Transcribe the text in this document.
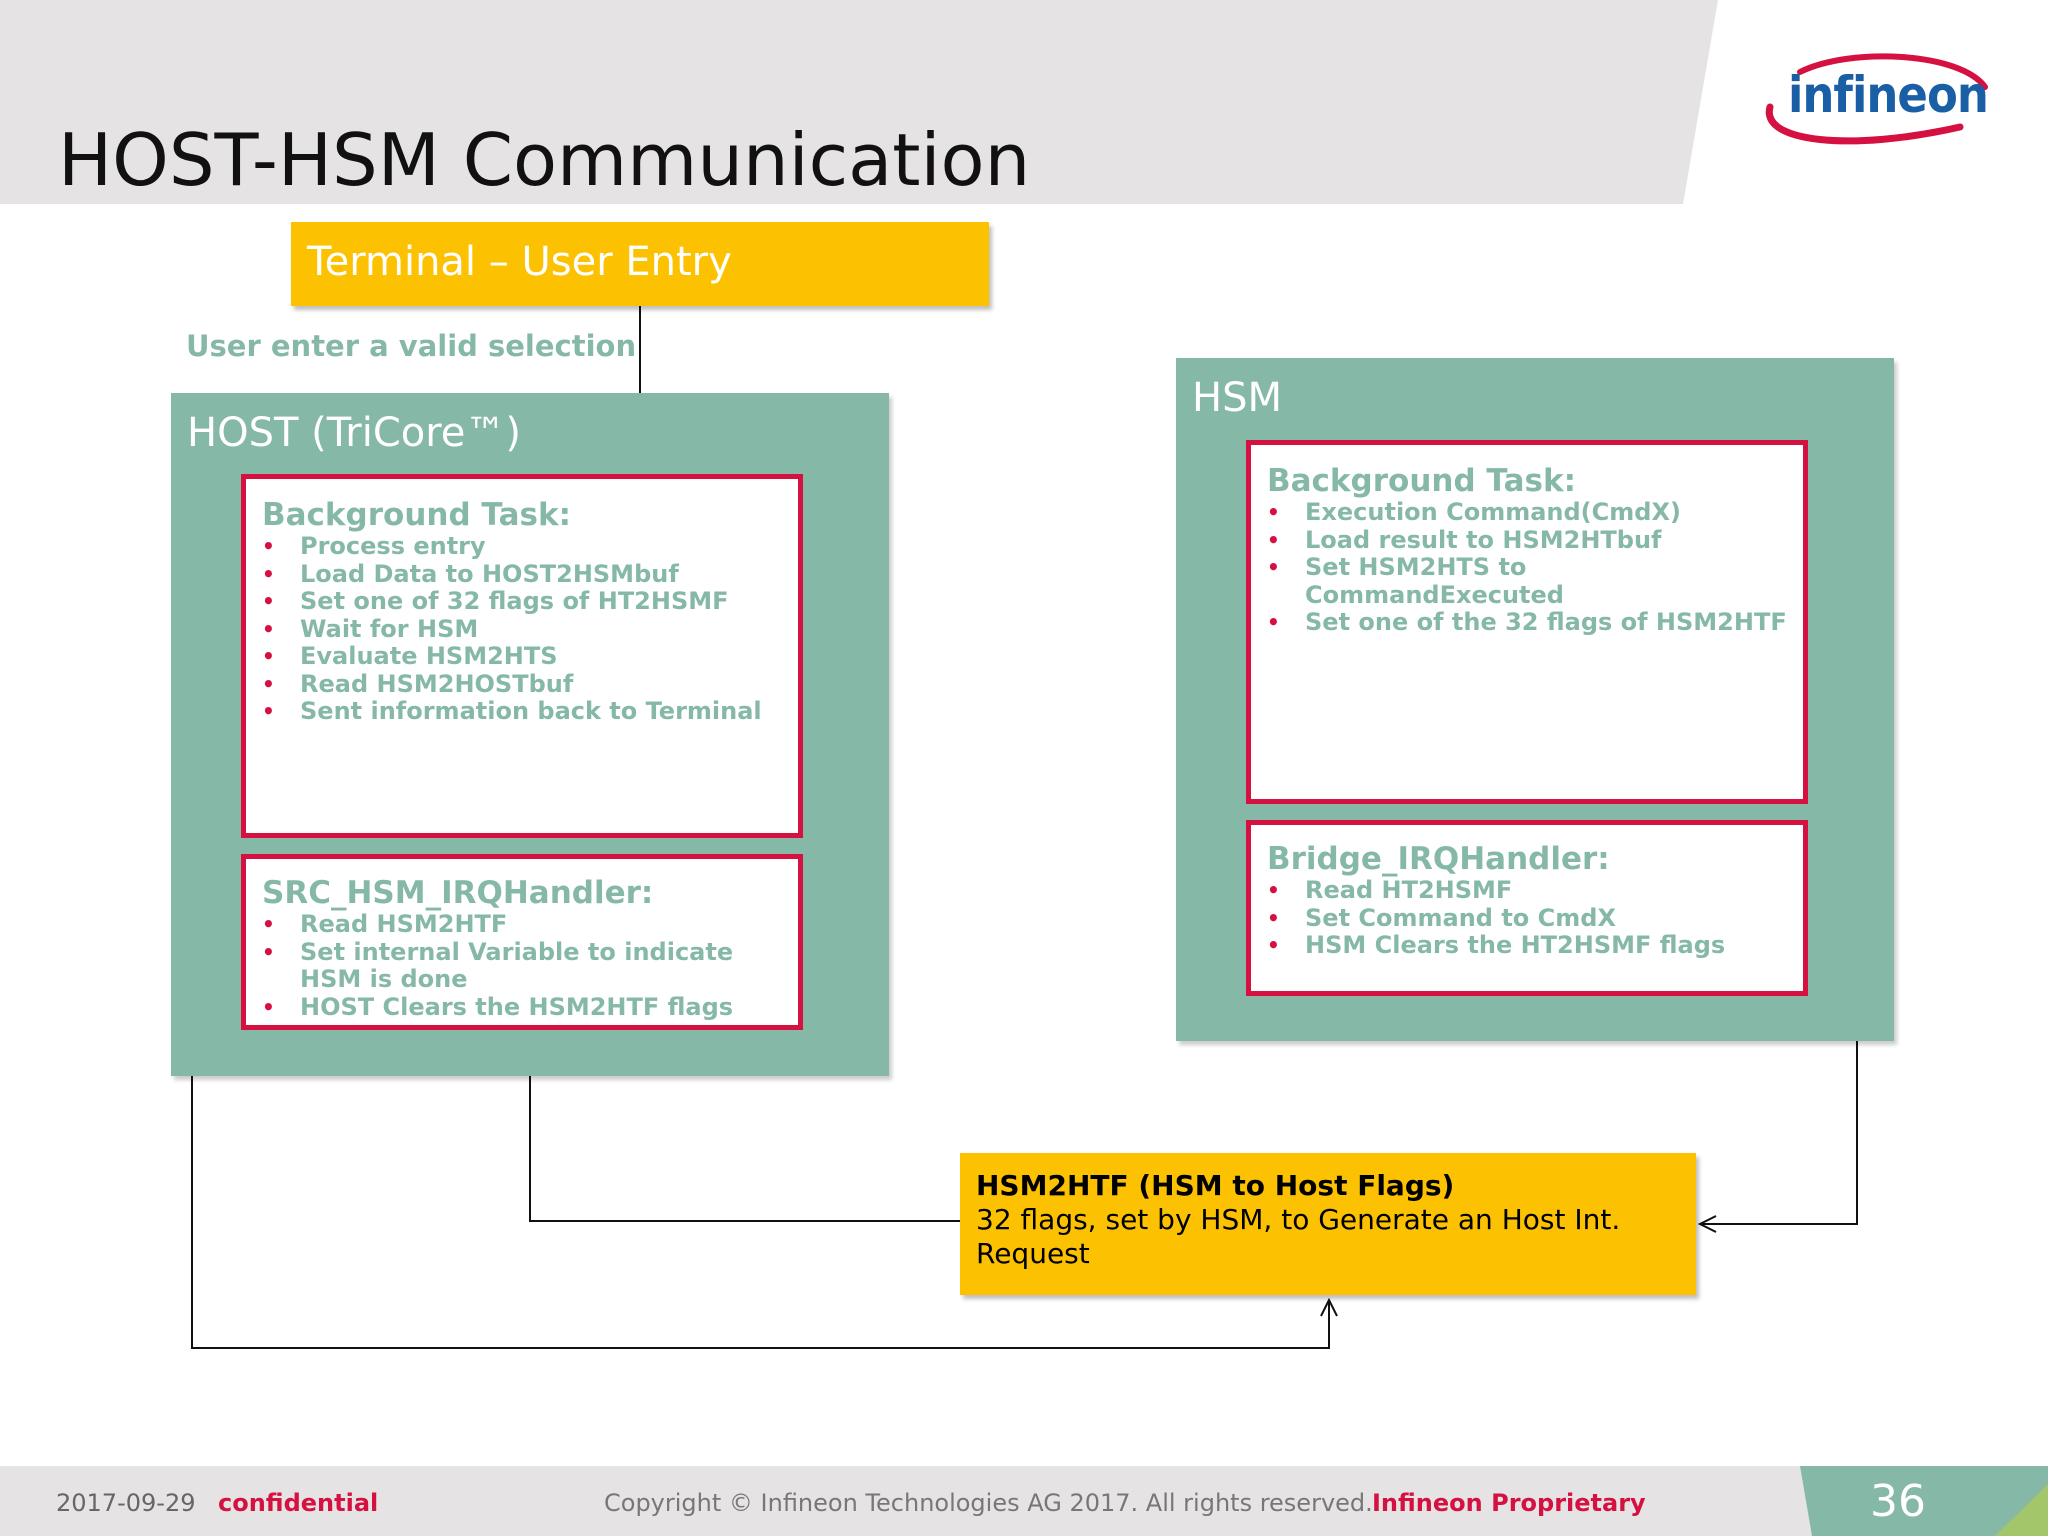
HOST-HSM Communication
infineon
Terminal – User Entry
User enter a valid selection
HOST (TriCore™)
Background Task:
• Process entry
• Load Data to HOST2HSMbuf
• Set one of 32 flags of HT2HSMF
• Wait for HSM
• Evaluate HSM2HTS
• Read HSM2HOSTbuf
• Sent information back to Terminal
SRC_HSM_IRQHandler:
• Read HSM2HTF
• Set internal Variable to indicate HSM is done
• HOST Clears the HSM2HTF flags
HSM
Background Task:
• Execution Command(CmdX)
• Load result to HSM2HTbuf
• Set HSM2HTS to CommandExecuted
• Set one of the 32 flags of HSM2HTF
Bridge_IRQHandler:
• Read HT2HSMF
• Set Command to CmdX
• HSM Clears the HT2HSMF flags
HSM2HTF (HSM to Host Flags)
32 flags, set by HSM, to Generate an Host Int. Request
2017-09-29 confidential	Copyright © Infineon Technologies AG 2017. All rights reserved. Infineon Proprietary	36
